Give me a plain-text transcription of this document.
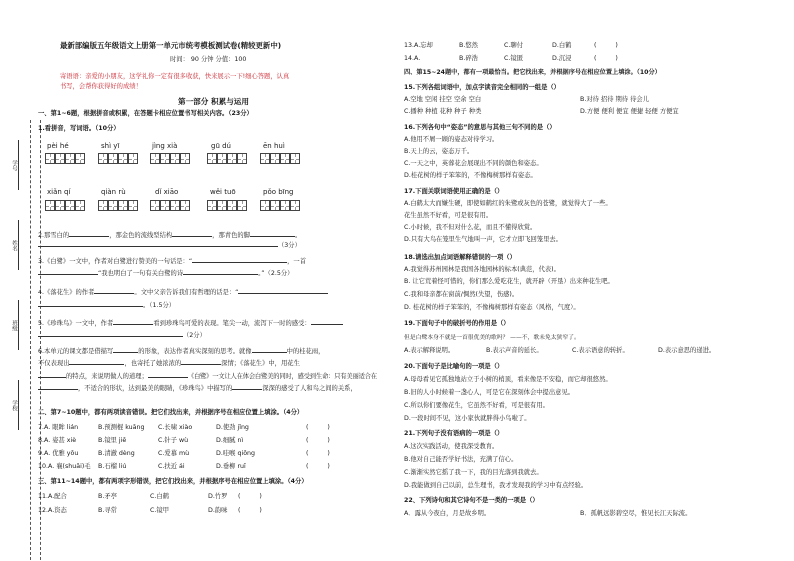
学号
姓名
班级
学校
最新部编版五年级语文上册第一单元市统考模板测试卷(精较更新中)
时间： 90 分钟 分值：100
寄语语：亲爱的小朋友，这学礼你一定有很多收获，快来展示一下!细心答题，认真
书写，会帮你获得好的成绩！
第一部分 积累与运用
一、第1~6题，根据拼音或积累，在答题卡相应位置书写相关内容。（23分）
1.看拼音，写词语。（10分）
pèi hé	shì yī	jìng xià	gū dú	ēn huì
xiǎn qí	qiàn rù	dǐ xiāo	wěi tuō	pǒo bīng
2.那雪白的	，那金色的流线型结构	，那青色的脚	。
（3分）
3.《白鹭》一文中，作者对白鹭进行赞美的一句话是：“	，一首
“我也明白了一句有关白鹭的诗	。”（2.5分）
4.《落花生》的作者	。文中父亲告诉我们有哲理的话是：“
。（1.5分）
5.《珍珠鸟》一文中，作者	看到珍珠鸟可爱的表现。笔尖一动，流泻下一时的感受：
（2分）
6.本单元的课文都是借描写	的形象，表达作者真实深刻的思考。就像	中的桂花雨，
不仅表现出	，也寄托了她浓浓的	深情；《落花生》中，用花生
的特点，来说明做人的道理；	《白鹭》一文让人在体会白鹭美的同时，感受到生命：只有美丽适合在
，不适合的形状，达到最美的眼睛，《珍珠鸟》中描写的	深深的感受了人和鸟之间的关系，
二、第7~10题中，都有两项读音错误。把它们找出来，并根据序号在相应位置上填涂。（4分）
7.A. 眼眸 lián	B.预测棍 kuāng C.长啸 xiào	D.使劲 jǐng	(　　　)
8.A. 姿甚 xiè	B.镜里 jiē	C.针子 wù	D.细腻 nì	(　　　)
9.A. 优雅 yōu	B.清澈 dèng	C.爱慕 mù	D.哇喉 qiōng	(　　　)
10.A. 襄(shuāi)毛 B.石榴 liú	C.扶近 ái	D.垂柳 ruī	(　　　)
三、第11~14题中，都有两项字形错误，把它们找出来，并根据序号在相应位置上填涂。（4分）
11.A.配合	B.矛亭	C.白鹤	D.竹罗 (　　　)
12.A.资态	B.寻常	C.镜甲	D.韵味 (　　　)
13.A.忘却	B.悠然	C.聊付	D.白鹤	(　　　)
14.A.	B.碎浩	C.镜匿	D.沉浸	(　　　)
四、第15~24题中，都有一项最恰当。把它找出来，并根据序号在相应位置上填涂。（10分）
15.下列各组词语中，加点字读音完全相同的一组是（）
A.空地 空闲 挂空 空余 空白	B.对待 招待 期待 待会儿
C.播种 种植 花种 种子 种类	D.方便 便利 便宜 便捷 轻便 方便宜
16.下列各句中“姿态”的意思与其他三句不同的是（）
A.他用不屑一顾的姿态对待学习。
B.天上的云，姿态万千。
C.一天之中，英蓉花会展现出不同的颜色和姿态。
D.桂花树的样子笨笨的，不像梅树那样有姿态。
17.下面关联词语使用正确的是（）
A.白鹤太大而嫌生硬，即使如鹤红的朱鹭或灰色的苍鹭，就觉得大了一些。
花生虽然不好看，可是很有用。
C.小时候，我不但对什么花，而且不懂得欣赏。
D.只有大鸟在笼里生气地叫一声，它才立即飞回笼里去。
18.请选出加点词语解释错误的一项（）
A.我觉得苏州园林是我国各地园林的标本(典范，代表)。
B. 让它荒着怪可惜的，你们那么爱吃花生，就开辟（开垦）出来种花生吧。
C.我和母亲都在窗前/惆然(失望，伤感)。
D. 桂花树的样子笨笨的，不像梅树那样有姿态（风格，气度）。
19.下面句子中的破折号的作用是（）
但是白鹭本身不就是一首很优美的歌吗？ ——不，歌未免太狭窄了。
A.表示解释说明。	B.表示声音的延长。	C.表示语意的转折。	D.表示意思的递进。
20.下面句子是比喻句的一项是（）
A.母母看见它孤独地站立于小树的梢顶，看来像是不安稳，而它却很悠然。
B.旧的人小时候着一盏心人，可是它在深刻体会中提出意见。
C.所以你们要像花生，它虽然不好看，可是很有用。
D.一段时间不见，这小家伙就胖得小鸟啦了。
21.下列句子没有语病的一项是（）
A.这次实践活动，使我深受教育。
B.他对自己能否学好书法，充满了信心。
C.渐渐实然它摇了我一下，我的目光落到我就去。
D.我能做到自己以前，总生理书，我才发现我的学习中有点经验。
22、下列诗句和其它诗句不是一类的一项是（）
A．露从今夜白，月是故乡明。	B．孤帆远影碧空尽，惟见长江天际流。
